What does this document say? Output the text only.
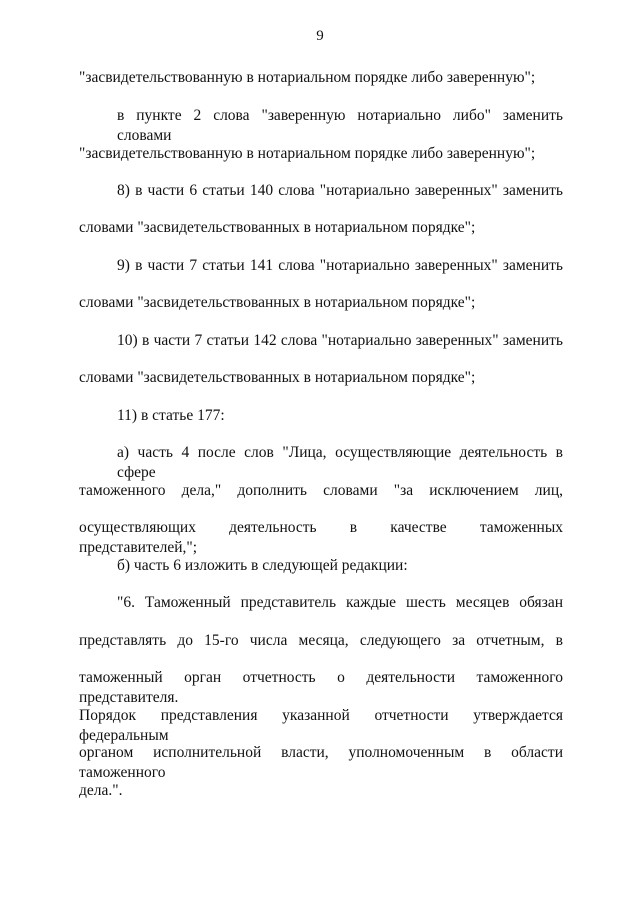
9
"засвидетельствованную в нотариальном порядке либо заверенную";
в пункте 2 слова "заверенную нотариально либо" заменить словами
"засвидетельствованную в нотариальном порядке либо заверенную";
8) в части 6 статьи 140 слова "нотариально заверенных" заменить
словами "засвидетельствованных в нотариальном порядке";
9) в части 7 статьи 141 слова "нотариально заверенных" заменить
словами "засвидетельствованных в нотариальном порядке";
10) в части 7 статьи 142 слова "нотариально заверенных" заменить
словами "засвидетельствованных в нотариальном порядке";
11) в статье 177:
а) часть 4 после слов "Лица, осуществляющие деятельность в сфере
таможенного дела," дополнить словами "за исключением лиц,
осуществляющих деятельность в качестве таможенных представителей,";
б) часть 6 изложить в следующей редакции:
"6. Таможенный представитель каждые шесть месяцев обязан
представлять до 15-го числа месяца, следующего за отчетным, в
таможенный орган отчетность о деятельности таможенного представителя.
Порядок представления указанной отчетности утверждается федеральным
органом исполнительной власти, уполномоченным в области таможенного
дела.".
